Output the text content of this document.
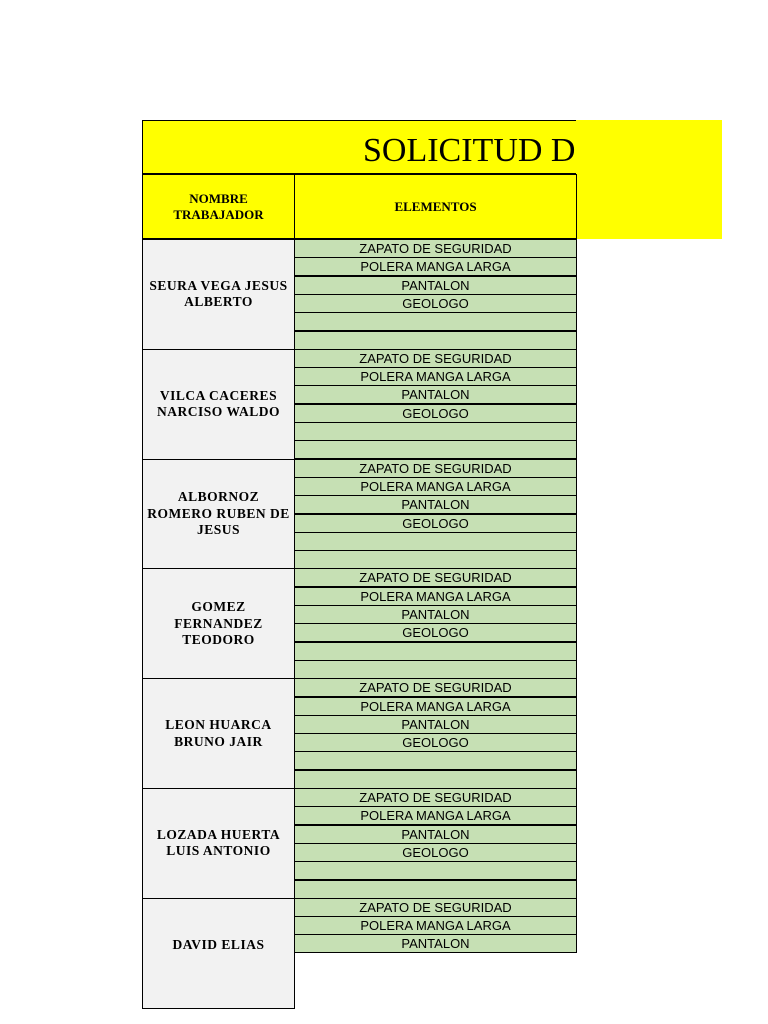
SOLICITUD D
NOMBRE TRABAJADOR
ELEMENTOS
SEURA VEGA JESUS ALBERTO
ZAPATO DE SEGURIDAD
POLERA MANGA LARGA
PANTALON
GEOLOGO
VILCA CACERES NARCISO WALDO
ZAPATO DE SEGURIDAD
POLERA MANGA LARGA
PANTALON
GEOLOGO
ALBORNOZ ROMERO RUBEN DE JESUS
ZAPATO DE SEGURIDAD
POLERA MANGA LARGA
PANTALON
GEOLOGO
GOMEZ FERNANDEZ TEODORO
ZAPATO DE SEGURIDAD
POLERA MANGA LARGA
PANTALON
GEOLOGO
LEON HUARCA BRUNO JAIR
ZAPATO DE SEGURIDAD
POLERA MANGA LARGA
PANTALON
GEOLOGO
LOZADA HUERTA LUIS ANTONIO
ZAPATO DE SEGURIDAD
POLERA MANGA LARGA
PANTALON
GEOLOGO
DAVID ELIAS
ZAPATO DE SEGURIDAD
POLERA MANGA LARGA
PANTALON
